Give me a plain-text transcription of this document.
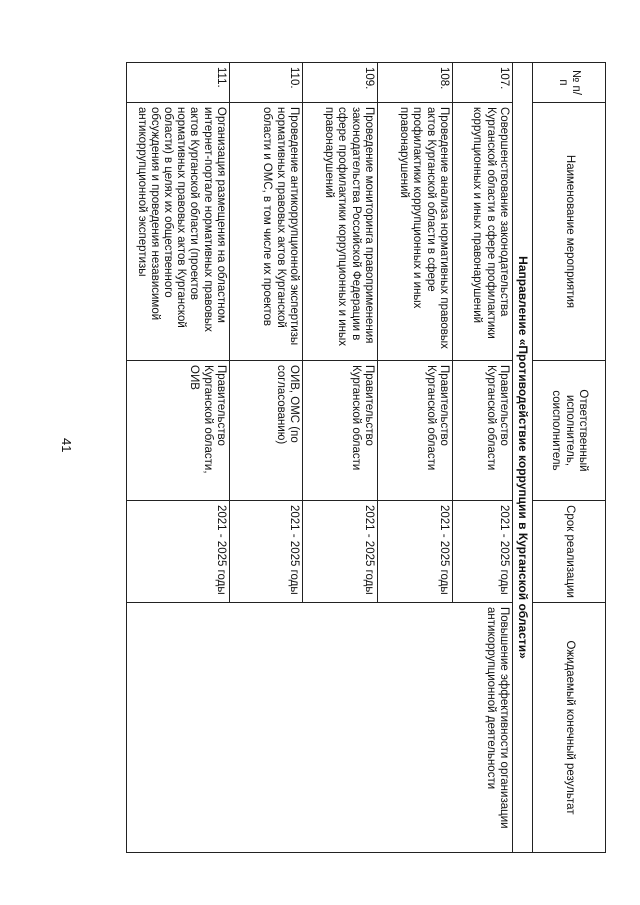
41
№ п/п	Наименование мероприятия	Ответственный исполнитель, соисполнитель	Срок реализации	Ожидаемый конечный результат
Направление «Противодействие коррупции в Курганской области»				
107.	Совершенствование законодательства Курганской области в сфере профилактики коррупционных и иных правонарушений	Правительство Курганской области	2021 - 2025 годы	Повышение эффективности организации антикоррупционной деятельности
108.	Проведение анализа нормативных правовых актов Курганской области в сфере профилактики коррупционных и иных правонарушений	Правительство Курганской области	2021 - 2025 годы	
109.	Проведение мониторинга правоприменения законодательства Российской Федерации в сфере профилактики коррупционных и иных правонарушений	Правительство Курганской области	2021 - 2025 годы	
110.	Проведение антикоррупционной экспертизы нормативных правовых актов Курганской области и ОМС, в том числе их проектов	ОИВ, ОМС (по согласованию)	2021 - 2025 годы	
111.	Организация размещения на областном интернет-портале нормативных правовых актов Курганской области (проектов нормативных правовых актов Курганской области) в целях их общественного обсуждения и проведения независимой антикоррупционной экспертизы	Правительство Курганской области, ОИВ	2021 - 2025 годы	
